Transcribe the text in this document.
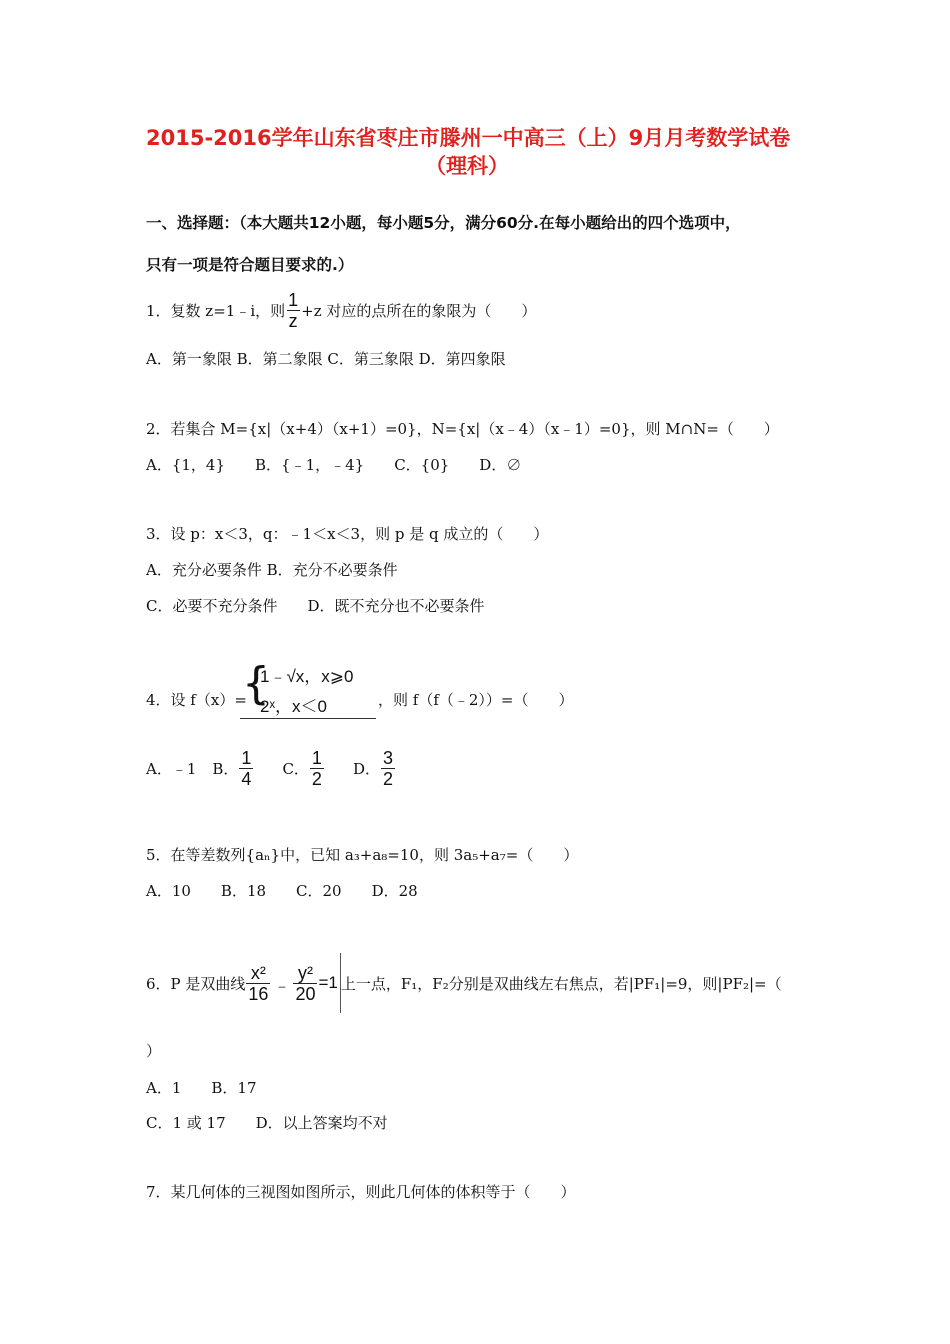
2015-2016学年山东省枣庄市滕州一中高三（上）9月月考数学试卷
（理科）
一、选择题：（本大题共12小题，每小题5分，满分60分.在每小题给出的四个选项中，
只有一项是符合题目要求的.）
1．复数 z=1﹣i，则 $\frac{1}{z} +z$ 对应的点所在的象限为（　　）
A．第一象限 B．第二象限 C．第三象限 D．第四象限
2．若集合 M={x|（x+4）（x+1）=0}，N={x|（x﹣4）（x﹣1）=0}，则 M∩N=（　　）
A．{1，4}　　B．{﹣1，﹣4}　　C．{0}　　D．∅
3．设 p：x＜3，q：﹣1＜x＜3，则 p 是 q 成立的（　　）
A．充分必要条件 B．充分不必要条件
C．必要不充分条件　　D．既不充分也不必要条件
4．设 f（x）=
{
1﹣√x，x⩾0
2ˣ，x＜0	，则 f（f（﹣2））=（　　）
A．﹣1 B． $\frac{1}{4}$ C． $\frac{1}{2}$ D． $\frac{3}{2}$
5．在等差数列{aₙ}中，已知 a₃+a₈=10，则 3a₅+a₇=（　　）
A．10　　B．18　　C．20　　D．28
6．P 是双曲线 $\frac{\text{x²}}{16}$ ﹣ $\frac{\text{y²}}{20} =1$ 上一点，F₁，F₂分别是双曲线左右焦点，若|PF₁|=9，则|PF₂|=（
）
A．1　　B．17
C．1 或 17　　D．以上答案均不对
7．某几何体的三视图如图所示，则此几何体的体积等于（　　）
